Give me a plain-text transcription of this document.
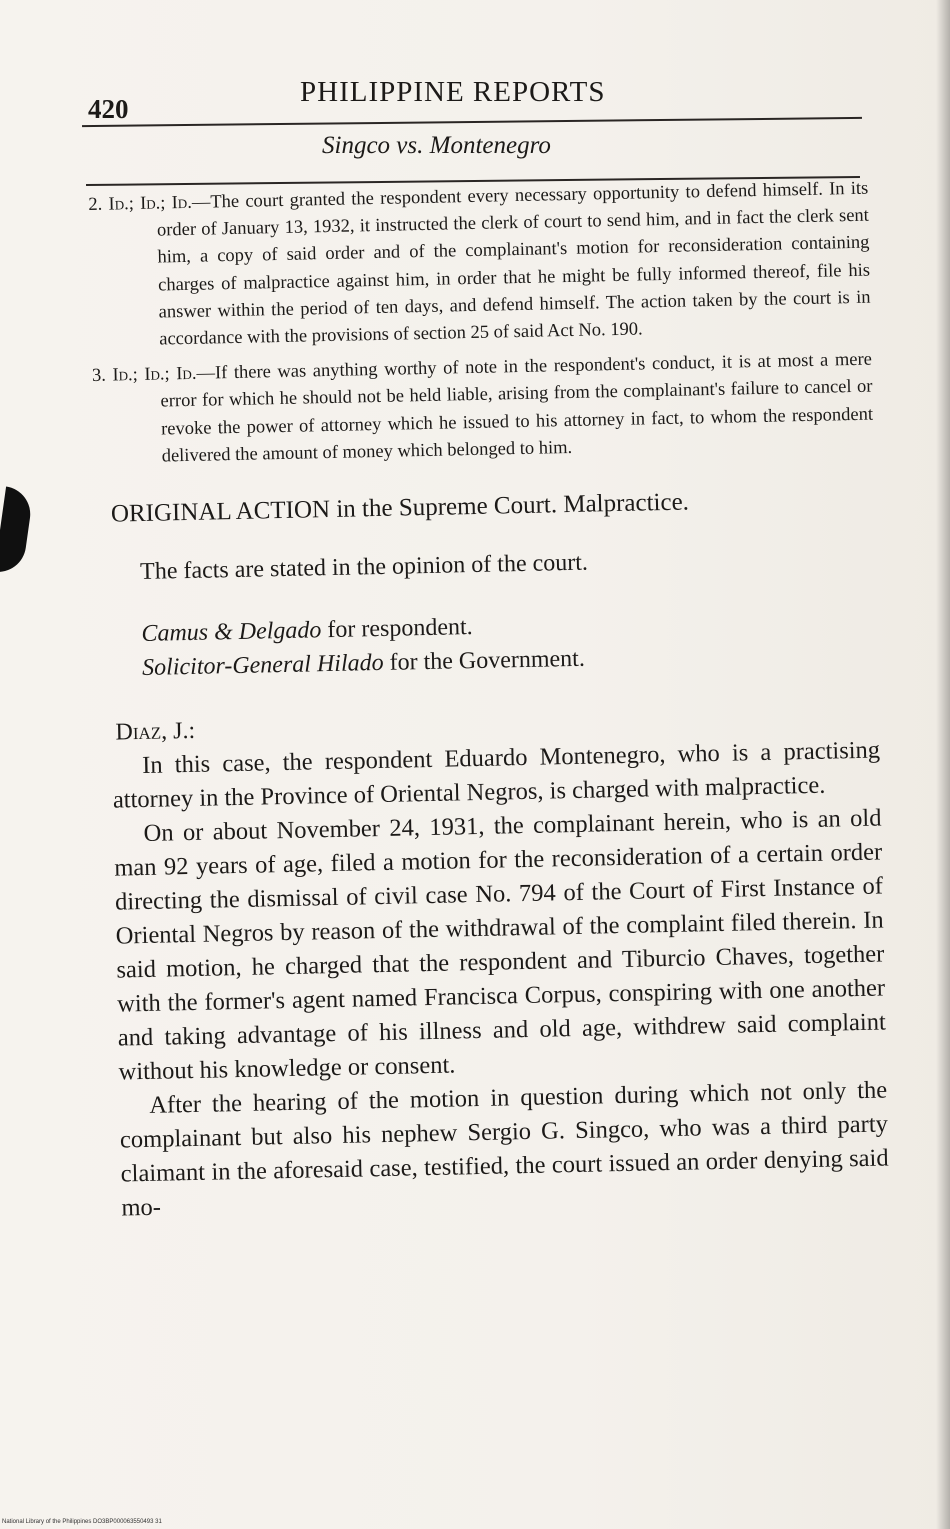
420
PHILIPPINE REPORTS
Singco vs. Montenegro

2. Id.; Id.; Id.—The court granted the respondent every necessary opportunity to defend himself. In its order of January 13, 1932, it instructed the clerk of court to send him, and in fact the clerk sent him, a copy of said order and of the complainant's motion for reconsideration containing charges of malpractice against him, in order that he might be fully informed thereof, file his answer within the period of ten days, and defend himself. The action taken by the court is in accordance with the provisions of section 25 of said Act No. 190.

3. Id.; Id.; Id.—If there was anything worthy of note in the respondent's conduct, it is at most a mere error for which he should not be held liable, arising from the complainant's failure to cancel or revoke the power of attorney which he issued to his attorney in fact, to whom the respondent delivered the amount of money which belonged to him.

ORIGINAL ACTION in the Supreme Court. Malpractice.
The facts are stated in the opinion of the court.
Camus & Delgado for respondent.
Solicitor-General Hilado for the Government.
Diaz, J.:

In this case, the respondent Eduardo Montenegro, who is a practising attorney in the Province of Oriental Negros, is charged with malpractice.

On or about November 24, 1931, the complainant herein, who is an old man 92 years of age, filed a motion for the reconsideration of a certain order directing the dismissal of civil case No. 794 of the Court of First Instance of Oriental Negros by reason of the withdrawal of the complaint filed therein. In said motion, he charged that the respondent and Tiburcio Chaves, together with the former's agent named Francisca Corpus, conspiring with one another and taking advantage of his illness and old age, withdrew said complaint without his knowledge or consent.

After the hearing of the motion in question during which not only the complainant but also his nephew Sergio G. Singco, who was a third party claimant in the aforesaid case, testified, the court issued an order denying said mo-

National Library of the Philippines DO3BP000063550493 31
